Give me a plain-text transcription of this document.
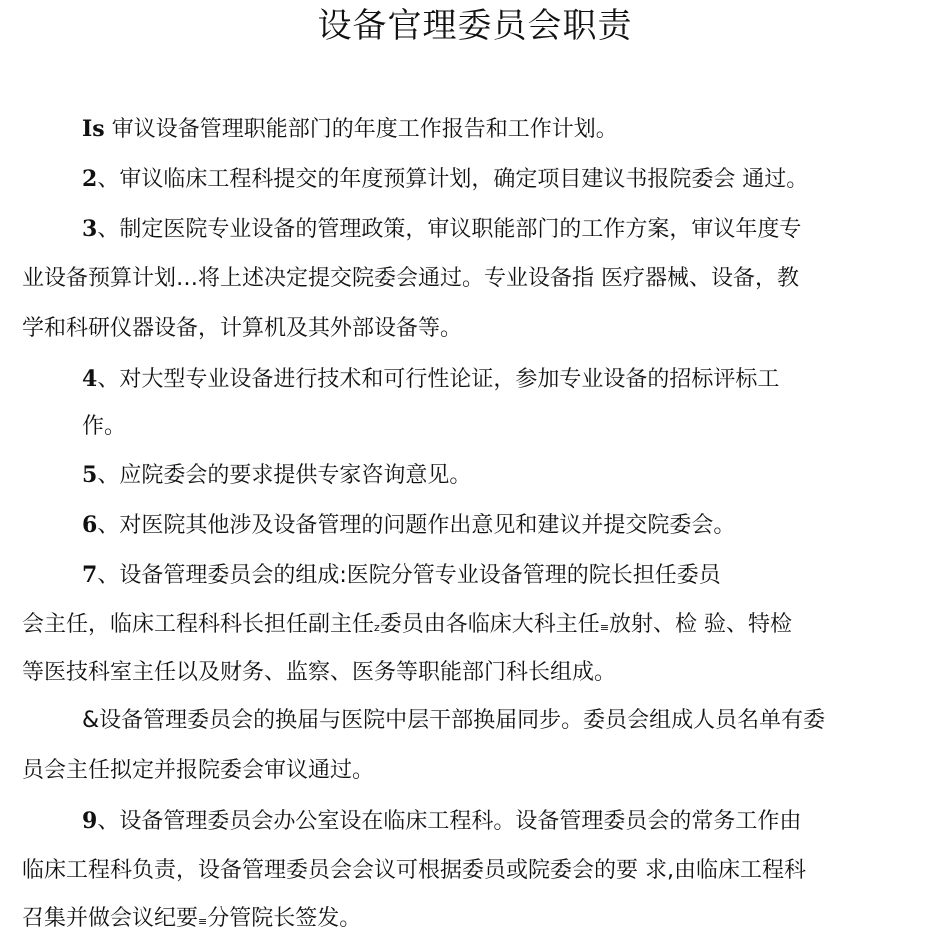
设备官理委员会职责
Is 审议设备管理职能部门的年度工作报告和工作计划。
2、审议临床工程科提交的年度预算计划，确定项目建议书报院委会 通过。
3、制定医院专业设备的管理政策，审议职能部门的工作方案，审议年度专
业设备预算计划…将上述决定提交院委会通过。专业设备指 医疗器械、设备，教
学和科研仪器设备，计算机及其外部设备等。
4、对大型专业设备进行技术和可行性论证，参加专业设备的招标评标工
作。
5、应院委会的要求提供专家咨询意见。
6、对医院其他涉及设备管理的问题作出意见和建议并提交院委会。
7、设备管理委员会的组成:医院分管专业设备管理的院长担任委员
会主任，临床工程科科长担任副主任z委员由各临床大科主任≡放射、检 验、特检
等医技科室主任以及财务、监察、医务等职能部门科长组成。
&设备管理委员会的换届与医院中层干部换届同步。委员会组成人员名单有委
员会主任拟定并报院委会审议通过。
9、设备管理委员会办公室设在临床工程科。设备管理委员会的常务工作由
临床工程科负责，设备管理委员会会议可根据委员或院委会的要 求,由临床工程科
召集并做会议纪要≡分管院长签发。
